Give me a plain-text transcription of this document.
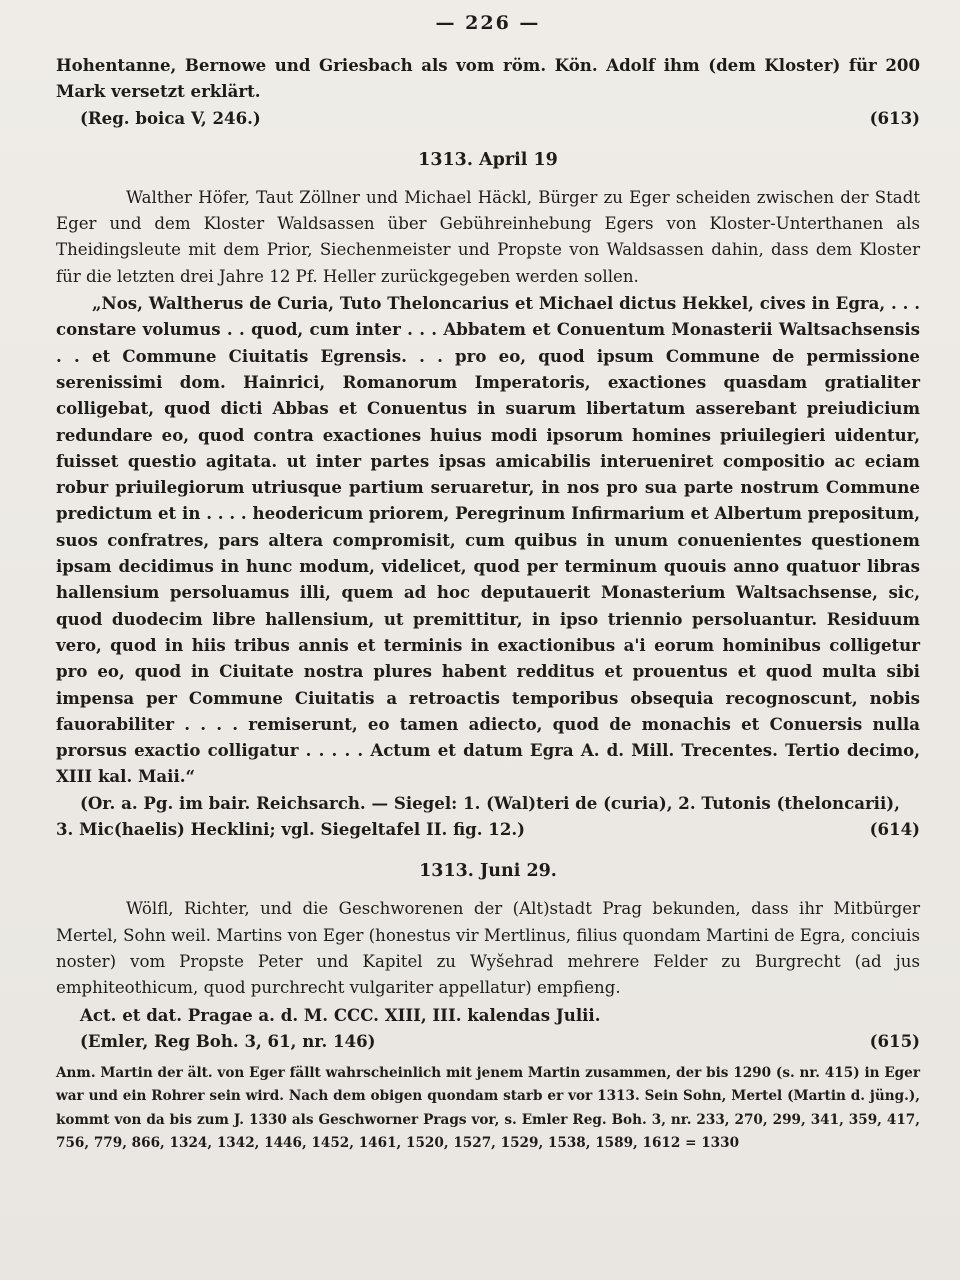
— 226 —

Hohentanne, Bernowe und Griesbach als vom röm. Kön. Adolf ihm (dem Kloster) für 200 Mark versetzt erklärt.

(Reg. boica V, 246.)	(613)
1313. April 19

Walther Höfer, Taut Zöllner und Michael Häckl, Bürger zu Eger scheiden zwischen der Stadt Eger und dem Kloster Waldsassen über Gebühreinhebung Egers von Kloster-Unterthanen als Theidingsleute mit dem Prior, Siechenmeister und Propste von Waldsassen dahin, dass dem Kloster für die letzten drei Jahre 12 Pf. Heller zurückgegeben werden sollen.

„Nos, Waltherus de Curia, Tuto Theloncarius et Michael dictus Hekkel, cives in Egra, . . . constare volumus . . quod, cum inter . . . Abbatem et Conuentum Monasterii Waltsachsensis . . et Commune Ciuitatis Egrensis. . . pro eo, quod ipsum Commune de permissione serenissimi dom. Hainrici, Romanorum Imperatoris, exactiones quasdam gratialiter colligebat, quod dicti Abbas et Conuentus in suarum libertatum asserebant preiudicium redundare eo, quod contra exactiones huius modi ipsorum homines priuilegieri uidentur, fuisset questio agitata. ut inter partes ipsas amicabilis interueniret compositio ac eciam robur priuilegiorum utriusque partium seruaretur, in nos pro sua parte nostrum Commune predictum et in . . . . heodericum priorem, Peregrinum Infirmarium et Albertum prepositum, suos confratres, pars altera compromisit, cum quibus in unum conuenientes questionem ipsam decidimus in hunc modum, videlicet, quod per terminum quouis anno quatuor libras hallensium persoluamus illi, quem ad hoc deputauerit Monasterium Waltsachsense, sic, quod duodecim libre hallensium, ut premittitur, in ipso triennio persoluantur. Residuum vero, quod in hiis tribus annis et terminis in exactionibus a'i eorum hominibus colligetur pro eo, quod in Ciuitate nostra plures habent redditus et prouentus et quod multa sibi impensa per Commune Ciuitatis a retroactis temporibus obsequia recognoscunt, nobis fauorabiliter . . . . remiserunt, eo tamen adiecto, quod de monachis et Conuersis nulla prorsus exactio colligatur . . . . . Actum et datum Egra A. d. Mill. Trecentes. Tertio decimo, XIII kal. Maii.“

(Or. a. Pg. im bair. Reichsarch. — Siegel: 1. (Wal)teri de (curia), 2. Tutonis (theloncarii),

3. Mic(haelis) Hecklini; vgl. Siegeltafel II. fig. 12.)	(614)
1313. Juni 29.

Wölfl, Richter, und die Geschworenen der (Alt)stadt Prag bekunden, dass ihr Mitbürger Mertel, Sohn weil. Martins von Eger (honestus vir Mertlinus, filius quondam Martini de Egra, conciuis noster) vom Propste Peter und Kapitel zu Wyšehrad mehrere Felder zu Burgrecht (ad jus emphiteothicum, quod purchrecht vulgariter appellatur) empfieng.

Act. et dat. Pragae a. d. M. CCC. XIII, III. kalendas Julii.

(Emler, Reg Boh. 3, 61, nr. 146)	(615)

Anm. Martin der ält. von Eger fällt wahrscheinlich mit jenem Martin zusammen, der bis 1290 (s. nr. 415) in Eger war und ein Rohrer sein wird. Nach dem obigen quondam starb er vor 1313. Sein Sohn, Mertel (Martin d. jüng.), kommt von da bis zum J. 1330 als Geschworner Prags vor, s. Emler Reg. Boh. 3, nr. 233, 270, 299, 341, 359, 417, 756, 779, 866, 1324, 1342, 1446, 1452, 1461, 1520, 1527, 1529, 1538, 1589, 1612 = 1330
